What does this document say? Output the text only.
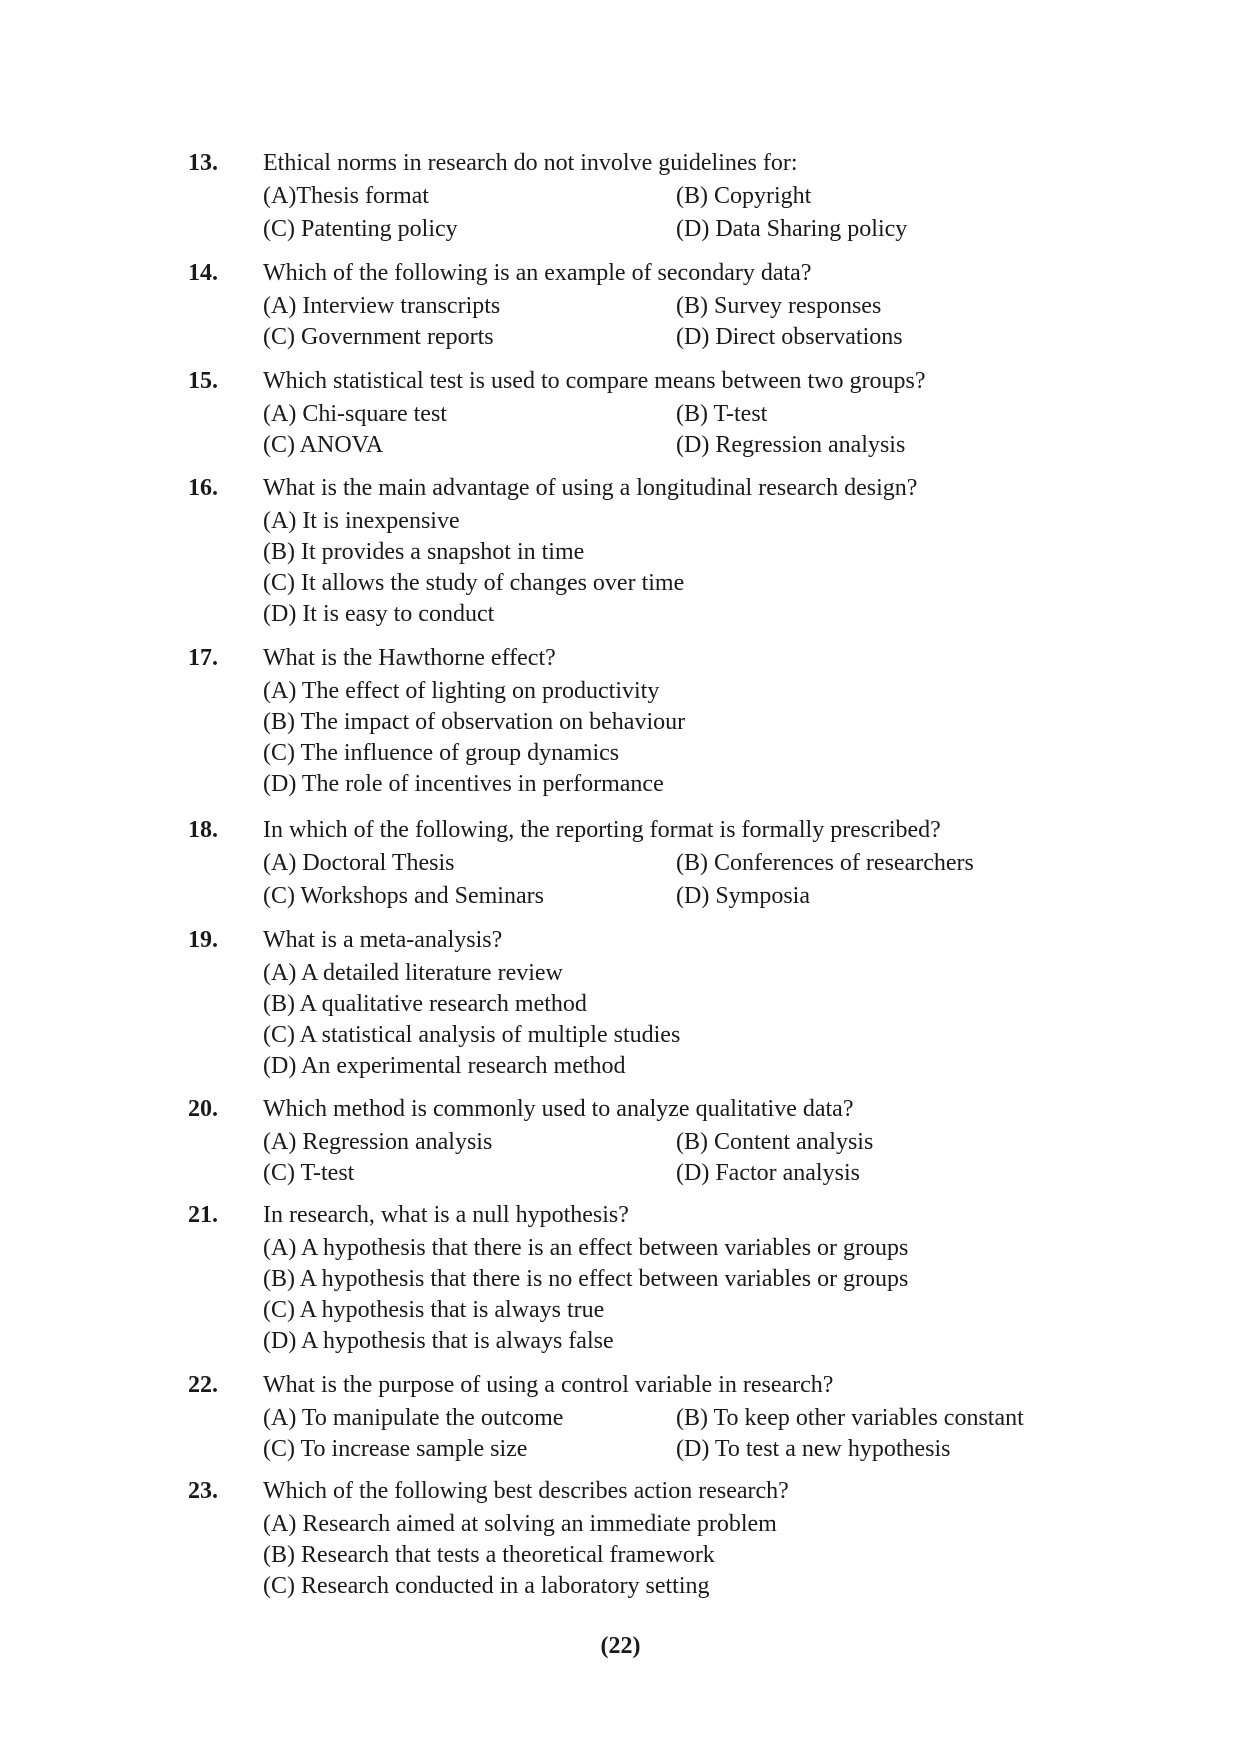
13. Ethical norms in research do not involve guidelines for:
(A)Thesis format	(B) Copyright
(C) Patenting policy	(D) Data Sharing policy
14. Which of the following is an example of secondary data?
(A) Interview transcripts	(B) Survey responses
(C) Government reports	(D) Direct observations
15. Which statistical test is used to compare means between two groups?
(A) Chi-square test	(B) T-test
(C) ANOVA	(D) Regression analysis
16. What is the main advantage of using a longitudinal research design?
(A) It is inexpensive
(B) It provides a snapshot in time
(C) It allows the study of changes over time
(D) It is easy to conduct
17. What is the Hawthorne effect?
(A) The effect of lighting on productivity
(B) The impact of observation on behaviour
(C) The influence of group dynamics
(D) The role of incentives in performance
18. In which of the following, the reporting format is formally prescribed?
(A) Doctoral Thesis	(B) Conferences of researchers
(C) Workshops and Seminars	(D) Symposia
19. What is a meta-analysis?
(A) A detailed literature review
(B) A qualitative research method
(C) A statistical analysis of multiple studies
(D) An experimental research method
20. Which method is commonly used to analyze qualitative data?
(A) Regression analysis	(B) Content analysis
(C) T-test	(D) Factor analysis
21. In research, what is a null hypothesis?
(A) A hypothesis that there is an effect between variables or groups
(B) A hypothesis that there is no effect between variables or groups
(C) A hypothesis that is always true
(D) A hypothesis that is always false
22. What is the purpose of using a control variable in research?
(A) To manipulate the outcome	(B) To keep other variables constant
(C) To increase sample size	(D) To test a new hypothesis
23. Which of the following best describes action research?
(A) Research aimed at solving an immediate problem
(B) Research that tests a theoretical framework
(C) Research conducted in a laboratory setting
(22)
